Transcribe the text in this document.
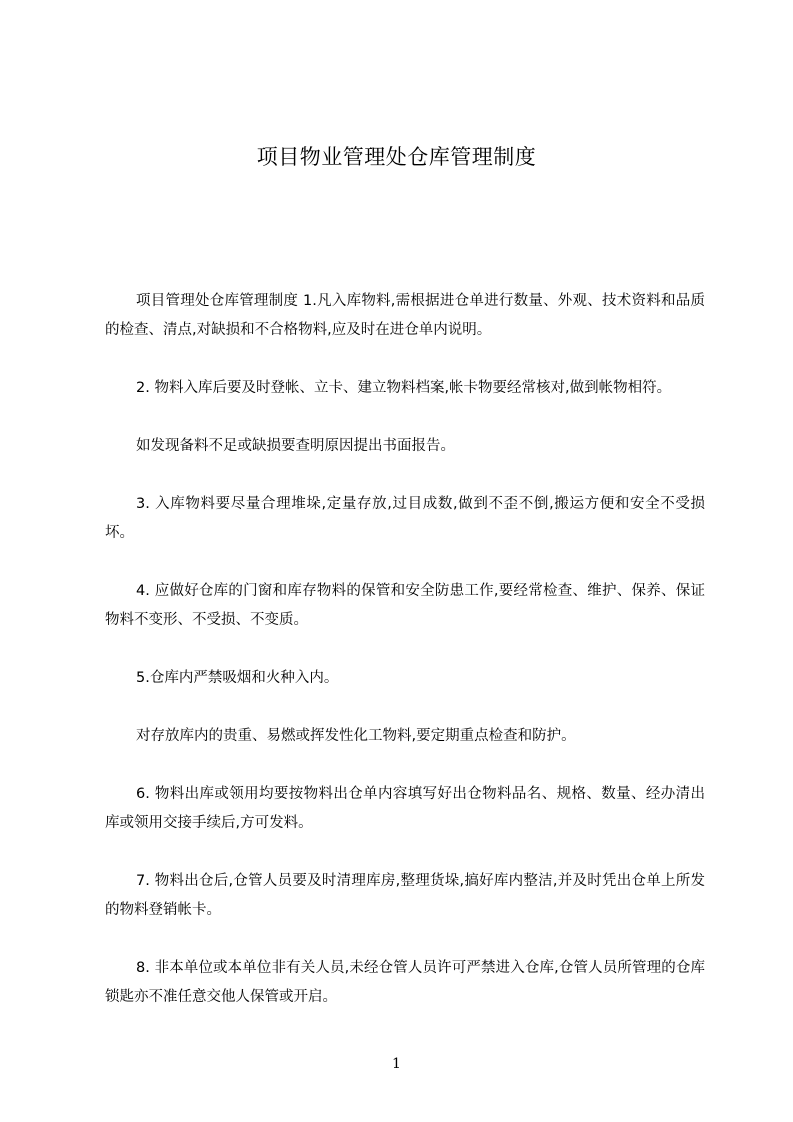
项目物业管理处仓库管理制度

项目管理处仓库管理制度 1.凡入库物料,需根据进仓单进行数量、外观、技术资料和品质的检查、清点,对缺损和不合格物料,应及时在进仓单内说明。

2. 物料入库后要及时登帐、立卡、建立物料档案,帐卡物要经常核对,做到帐物相符。

如发现备料不足或缺损要查明原因提出书面报告。

3. 入库物料要尽量合理堆垛,定量存放,过目成数,做到不歪不倒,搬运方便和安全不受损坏。

4. 应做好仓库的门窗和库存物料的保管和安全防患工作,要经常检查、维护、保养、保证物料不变形、不受损、不变质。

5.仓库内严禁吸烟和火种入内。

对存放库内的贵重、易燃或挥发性化工物料,要定期重点检查和防护。

6. 物料出库或领用均要按物料出仓单内容填写好出仓物料品名、规格、数量、经办清出库或领用交接手续后,方可发料。

7. 物料出仓后,仓管人员要及时清理库房,整理货垛,搞好库内整洁,并及时凭出仓单上所发的物料登销帐卡。

8. 非本单位或本单位非有关人员,未经仓管人员许可严禁进入仓库,仓管人员所管理的仓库锁匙亦不准任意交他人保管或开启。

1
